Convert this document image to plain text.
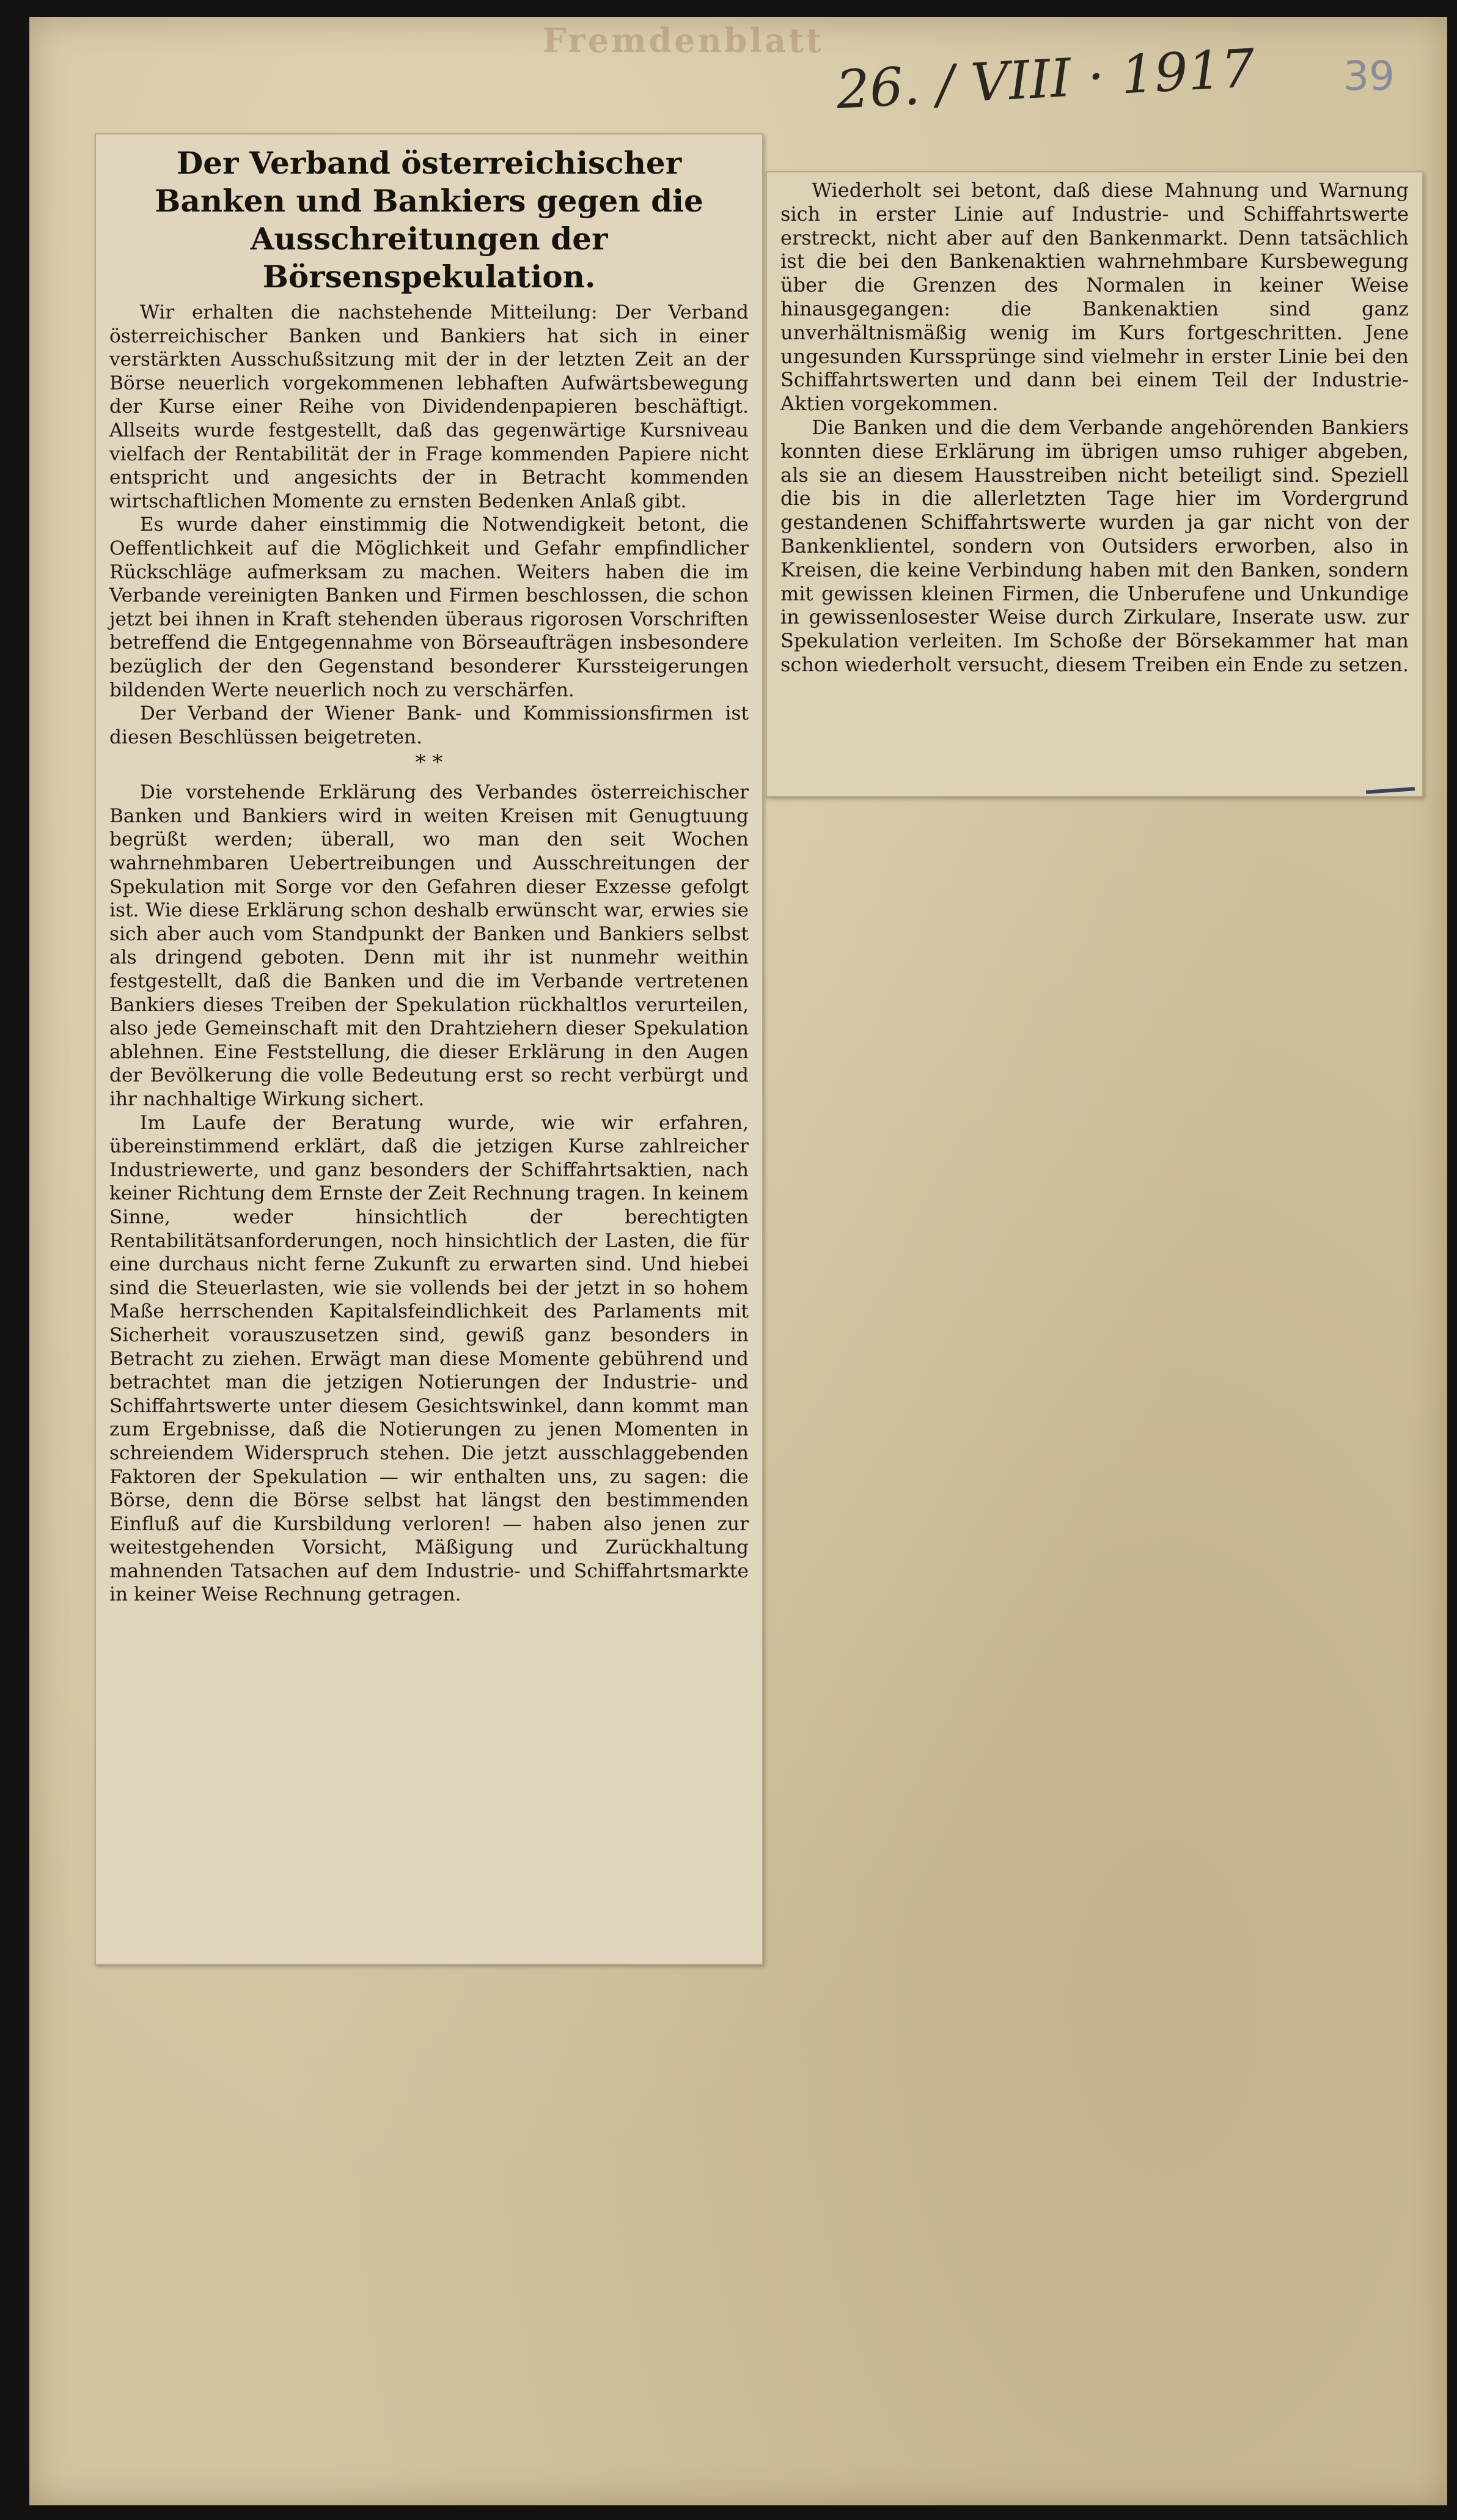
Fremdenblatt 26. / VIII · 1917 39
Der Verband österreichischer Banken und Bankiers gegen die Ausschreitungen der Börsenspekulation.

Wir erhalten die nachstehende Mitteilung: Der Verband österreichischer Banken und Bankiers hat sich in einer verstärkten Ausschußsitzung mit der in der letzten Zeit an der Börse neuerlich vorgekommenen lebhaften Aufwärtsbewegung der Kurse einer Reihe von Dividendenpapieren beschäftigt. Allseits wurde festgestellt, daß das gegenwärtige Kursniveau vielfach der Rentabilität der in Frage kommenden Papiere nicht entspricht und angesichts der in Betracht kommenden wirtschaftlichen Momente zu ernsten Bedenken Anlaß gibt.

Es wurde daher einstimmig die Notwendigkeit betont, die Oeffentlichkeit auf die Möglichkeit und Gefahr empfindlicher Rückschläge aufmerksam zu machen. Weiters haben die im Verbande vereinigten Banken und Firmen beschlossen, die schon jetzt bei ihnen in Kraft stehenden überaus rigorosen Vorschriften betreffend die Entgegennahme von Börseaufträgen insbesondere bezüglich der den Gegenstand besonderer Kurssteigerungen bildenden Werte neuerlich noch zu verschärfen.

Der Verband der Wiener Bank- und Kommissionsfirmen ist diesen Beschlüssen beigetreten.

* *

Die vorstehende Erklärung des Verbandes österreichischer Banken und Bankiers wird in weiten Kreisen mit Genugtuung begrüßt werden; überall, wo man den seit Wochen wahrnehmbaren Uebertreibungen und Ausschreitungen der Spekulation mit Sorge vor den Gefahren dieser Exzesse gefolgt ist. Wie diese Erklärung schon deshalb erwünscht war, erwies sie sich aber auch vom Standpunkt der Banken und Bankiers selbst als dringend geboten. Denn mit ihr ist nunmehr weithin festgestellt, daß die Banken und die im Verbande vertretenen Bankiers dieses Treiben der Spekulation rückhaltlos verurteilen, also jede Gemeinschaft mit den Drahtziehern dieser Spekulation ablehnen. Eine Feststellung, die dieser Erklärung in den Augen der Bevölkerung die volle Bedeutung erst so recht verbürgt und ihr nachhaltige Wirkung sichert.

Im Laufe der Beratung wurde, wie wir erfahren, übereinstimmend erklärt, daß die jetzigen Kurse zahlreicher Industriewerte, und ganz besonders der Schiffahrtsaktien, nach keiner Richtung dem Ernste der Zeit Rechnung tragen. In keinem Sinne, weder hinsichtlich der berechtigten Rentabilitätsanforderungen, noch hinsichtlich der Lasten, die für eine durchaus nicht ferne Zukunft zu erwarten sind. Und hiebei sind die Steuerlasten, wie sie vollends bei der jetzt in so hohem Maße herrschenden Kapitalsfeindlichkeit des Parlaments mit Sicherheit vorauszusetzen sind, gewiß ganz besonders in Betracht zu ziehen. Erwägt man diese Momente gebührend und betrachtet man die jetzigen Notierungen der Industrie- und Schiffahrtswerte unter diesem Gesichtswinkel, dann kommt man zum Ergebnisse, daß die Notierungen zu jenen Momenten in schreiendem Widerspruch stehen. Die jetzt ausschlaggebenden Faktoren der Spekulation — wir enthalten uns, zu sagen: die Börse, denn die Börse selbst hat längst den bestimmenden Einfluß auf die Kursbildung verloren! — haben also jenen zur weitestgehenden Vorsicht, Mäßigung und Zurückhaltung mahnenden Tatsachen auf dem Industrie- und Schiffahrtsmarkte in keiner Weise Rechnung getragen.

Wiederholt sei betont, daß diese Mahnung und Warnung sich in erster Linie auf Industrie- und Schiffahrtswerte erstreckt, nicht aber auf den Bankenmarkt. Denn tatsächlich ist die bei den Bankenaktien wahrnehmbare Kursbewegung über die Grenzen des Normalen in keiner Weise hinausgegangen: die Bankenaktien sind ganz unverhältnismäßig wenig im Kurs fortgeschritten. Jene ungesunden Kurssprünge sind vielmehr in erster Linie bei den Schiffahrtswerten und dann bei einem Teil der Industrie-Aktien vorgekommen.

Die Banken und die dem Verbande angehörenden Bankiers konnten diese Erklärung im übrigen umso ruhiger abgeben, als sie an diesem Hausstreiben nicht beteiligt sind. Speziell die bis in die allerletzten Tage hier im Vordergrund gestandenen Schiffahrtswerte wurden ja gar nicht von der Bankenklientel, sondern von Outsiders erworben, also in Kreisen, die keine Verbindung haben mit den Banken, sondern mit gewissen kleinen Firmen, die Unberufene und Unkundige in gewissenlosester Weise durch Zirkulare, Inserate usw. zur Spekulation verleiten. Im Schoße der Börsekammer hat man schon wiederholt versucht, diesem Treiben ein Ende zu setzen.
